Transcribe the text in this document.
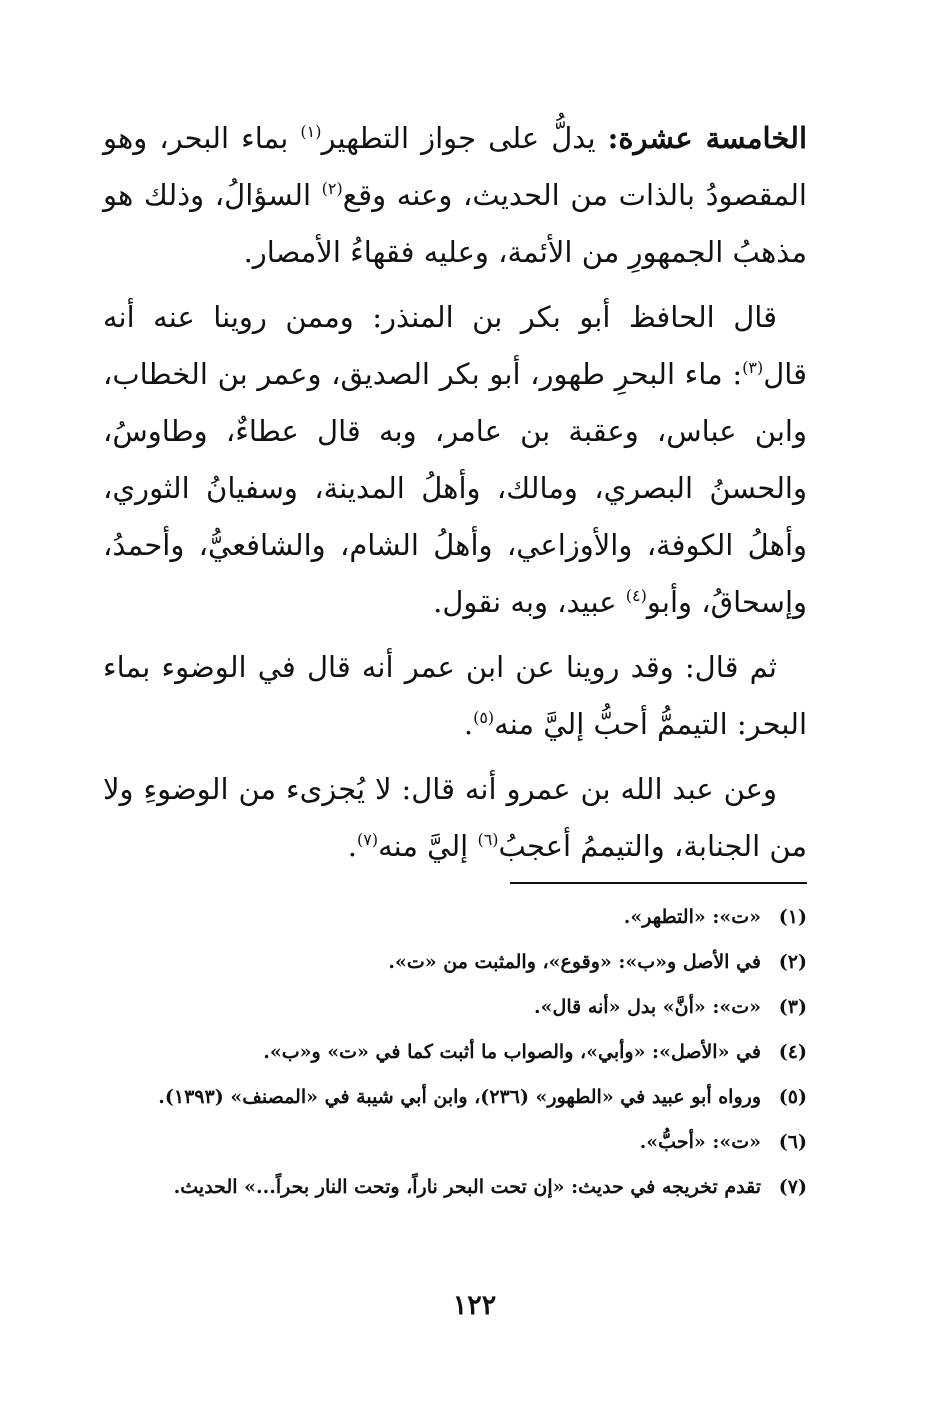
الخامسة عشرة: يدلُّ على جواز التطهير$^{(١)}$ بماء البحر، وهو المقصودُ بالذات من الحديث، وعنه وقع$^{(٢)}$ السؤالُ، وذلك هو مذهبُ الجمهورِ من الأئمة، وعليه فقهاءُ الأمصار.

قال الحافظ أبو بكر بن المنذر: وممن روينا عنه أنه قال$^{(٣)}$: ماء البحرِ طهور، أبو بكر الصديق، وعمر بن الخطاب، وابن عباس، وعقبة بن عامر، وبه قال عطاءٌ، وطاوسُ، والحسنُ البصري، ومالك، وأهلُ المدينة، وسفيانُ الثوري، وأهلُ الكوفة، والأوزاعي، وأهلُ الشام، والشافعيُّ، وأحمدُ، وإسحاقُ، وأبو$^{(٤)}$ عبيد، وبه نقول.

ثم قال: وقد روينا عن ابن عمر أنه قال في الوضوء بماء البحر: التيممُّ أحبُّ إليَّ منه$^{(٥)}$.

وعن عبد الله بن عمرو أنه قال: لا يُجزىء من الوضوءِ ولا من الجنابة، والتيممُ أعجبُ$^{(٦)}$ إليَّ منه$^{(٧)}$.

(١)
«ت»: «التطهر».
(٢)
في الأصل و«ب»: «وقوع»، والمثبت من «ت».
(٣)
«ت»: «أنَّ» بدل «أنه قال».
(٤)
في «الأصل»: «وأبي»، والصواب ما أثبت كما في «ت» و«ب».
(٥)
ورواه أبو عبيد في «الطهور» (٢٣٦)، وابن أبي شيبة في «المصنف» (١٣٩٣).
(٦)
«ت»: «أحبُّ».
(٧)
تقدم تخريجه في حديث: «إن تحت البحر ناراً، وتحت النار بحراً...» الحديث.
١٢٢
